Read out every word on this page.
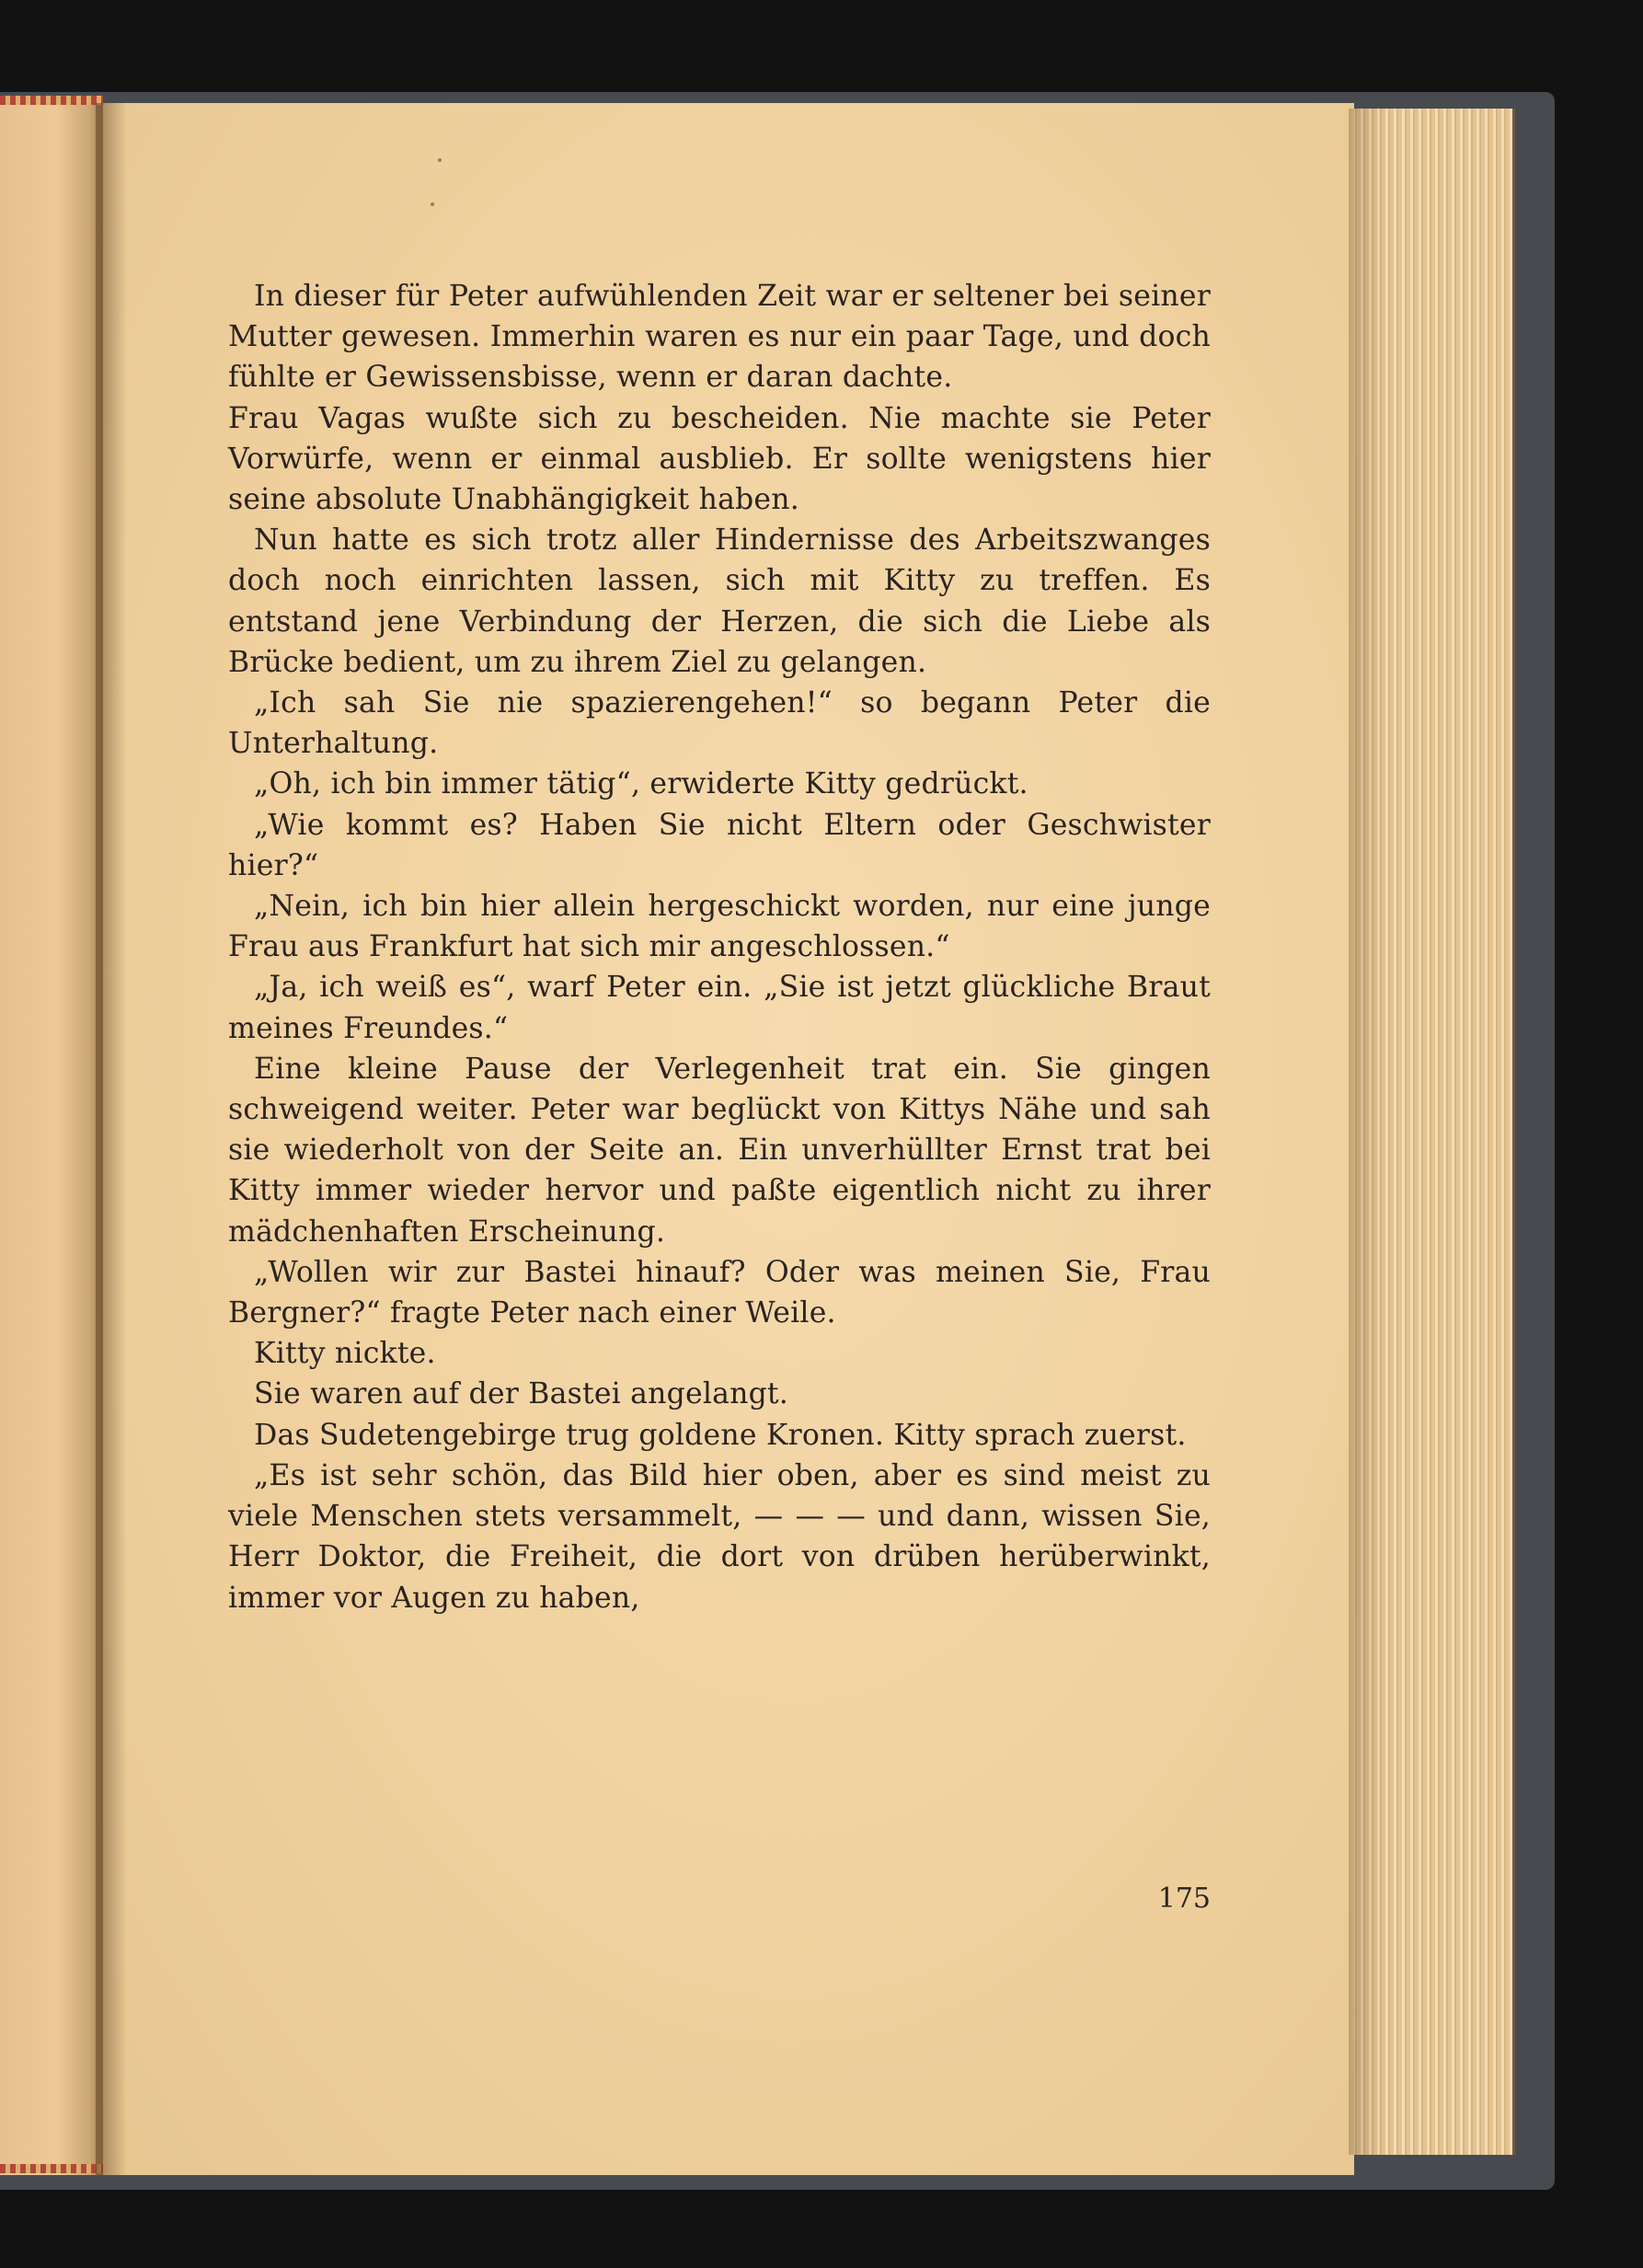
In dieser für Peter aufwühlenden Zeit war er seltener bei seiner Mutter gewesen. Immerhin waren es nur ein paar Tage, und doch fühlte er Gewissensbisse, wenn er daran dachte.

Frau Vagas wußte sich zu bescheiden. Nie machte sie Peter Vorwürfe, wenn er einmal ausblieb. Er sollte wenigstens hier seine absolute Unabhängigkeit haben.

Nun hatte es sich trotz aller Hindernisse des Arbeitszwanges doch noch einrichten lassen, sich mit Kitty zu treffen. Es entstand jene Verbindung der Herzen, die sich die Liebe als Brücke bedient, um zu ihrem Ziel zu gelangen.

„Ich sah Sie nie spazierengehen!“ so begann Peter die Unterhaltung.

„Oh, ich bin immer tätig“, erwiderte Kitty gedrückt.

„Wie kommt es? Haben Sie nicht Eltern oder Geschwister hier?“

„Nein, ich bin hier allein hergeschickt worden, nur eine junge Frau aus Frankfurt hat sich mir angeschlossen.“

„Ja, ich weiß es“, warf Peter ein. „Sie ist jetzt glückliche Braut meines Freundes.“

Eine kleine Pause der Verlegenheit trat ein. Sie gingen schweigend weiter. Peter war beglückt von Kittys Nähe und sah sie wiederholt von der Seite an. Ein unverhüllter Ernst trat bei Kitty immer wieder hervor und paßte eigentlich nicht zu ihrer mädchenhaften Erscheinung.

„Wollen wir zur Bastei hinauf? Oder was meinen Sie, Frau Bergner?“ fragte Peter nach einer Weile.

Kitty nickte.

Sie waren auf der Bastei angelangt.

Das Sudetengebirge trug goldene Kronen. Kitty sprach zuerst.

„Es ist sehr schön, das Bild hier oben, aber es sind meist zu viele Menschen stets versammelt, — — — und dann, wissen Sie, Herr Doktor, die Freiheit, die dort von drüben herüberwinkt, immer vor Augen zu haben,

175
